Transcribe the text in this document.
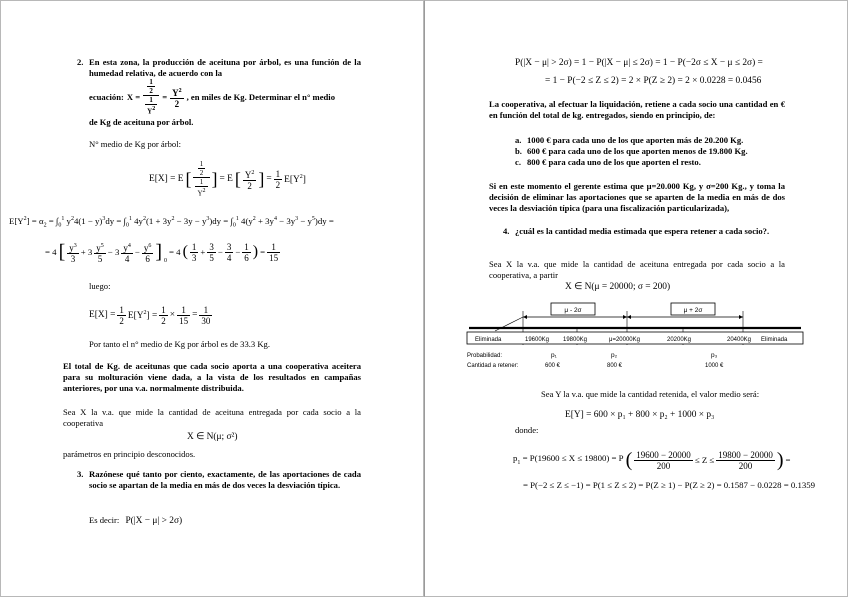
2. En esta zona, la producción de aceituna por árbol, es una función de la humedad relativa, de acuerdo con la
ecuación: $X = \frac{\frac{1}{2}}{\frac{1}{Y^2}} = \frac{Y^2}{2}$ , en miles de Kg. Determinar el n° medio
de Kg de aceituna por árbol.
N° medio de Kg por árbol:
E[X] = E [ $\frac{\frac{1}{2}}{\frac{1}{Y^2}}$ ] = E [ $\frac{Y^2}{2}$ ] = $\frac{1}{2} E[Y^2]$
$E[Y^2] = \alpha_2 = \int_0^1$ $y^24(1 - y)^3dy = \int_0^1$ $4y^2(1 + 3y^2 - 3y - y^3)dy = \int_0^1$ $4(y^2 + 3y^4 - 3y^3 - y^5)dy$ =
= 4 [ $\frac{y^3}{3} + 3 \frac{y^5}{5} - 3 \frac{y^4}{4} - \frac{y^6}{6}$ ] 0
= 4 ( $\frac{1}{3} + \frac{3}{5} - \frac{3}{4} - \frac{1}{6}$ ) = $\frac{1}{15}$
luego:
$E[X] = \frac{1}{2} E[Y^2] = \frac{1}{2} \times \frac{1}{15} = \frac{1}{30}$
Por tanto el n° medio de Kg por árbol es de 33.3 Kg.
El total de Kg. de aceitunas que cada socio aporta a una cooperativa aceitera para su molturación viene dada, a la vista de los resultados en campañas anteriores, por una v.a. normalmente distribuida.
Sea X la v.a. que mide la cantidad de aceituna entregada por cada socio a la cooperativa
X ∈ N(μ; σ²)
parámetros en principio desconocidos.
3. Razónese qué tanto por ciento, exactamente, de las aportaciones de cada socio se apartan de la media en más de dos veces la desviación típica.
Es decir: P(|X − μ| > 2σ)
P(|X − μ| > 2σ) = 1 − P(|X − μ| ≤ 2σ) = 1 − P(−2σ ≤ X − μ ≤ 2σ) =
= 1 − P(−2 ≤ Z ≤ 2) = 2 × P(Z ≥ 2) = 2 × 0.0228 = 0.0456
La cooperativa, al efectuar la liquidación, retiene a cada socio una cantidad en € en función del total de kg. entregados, siendo en principio, de:
a. 1000 € para cada uno de los que aporten más de 20.200 Kg.
b. 600 € para cada uno de los que aporten menos de 19.800 Kg.
c. 800 € para cada uno de los que aporten el resto.
Si en este momento el gerente estima que μ=20.000 Kg, y σ=200 Kg., y toma la decisión de eliminar las aportaciones que se aparten de la media en más de dos veces la desviación típica (para una fiscalización particularizada),
4. ¿cuál es la cantidad media estimada que espera retener a cada socio?.
Sea X la v.a. que mide la cantidad de aceituna entregada por cada socio a la cooperativa, a partir
X ∈ N(μ = 20000; σ = 200)
μ - 2σ	μ + 2σ
Eliminada	19600Kg 19800Kg	μ=20000Kg	20200Kg	20400Kg Eliminada
Probabilidad:
Cantidad a retener:
p₁	p₂	p₃
600 €	800 €	1000 €
Sea Y la v.a. que mide la cantidad retenida, el valor medio será:
E[Y] = 600 × p₁ + 800 × p₂ + 1000 × p₃
donde:
$p_1 = P(19600 \le X \le 19800) = P$ ( $\frac{19600 - 20000}{200} \le Z \le \frac{19800 - 20000}{200}$ ) =
= P(−2 ≤ Z ≤ −1) = P(1 ≤ Z ≤ 2) = P(Z ≥ 1) − P(Z ≥ 2) = 0.1587 − 0.0228 = 0.1359
